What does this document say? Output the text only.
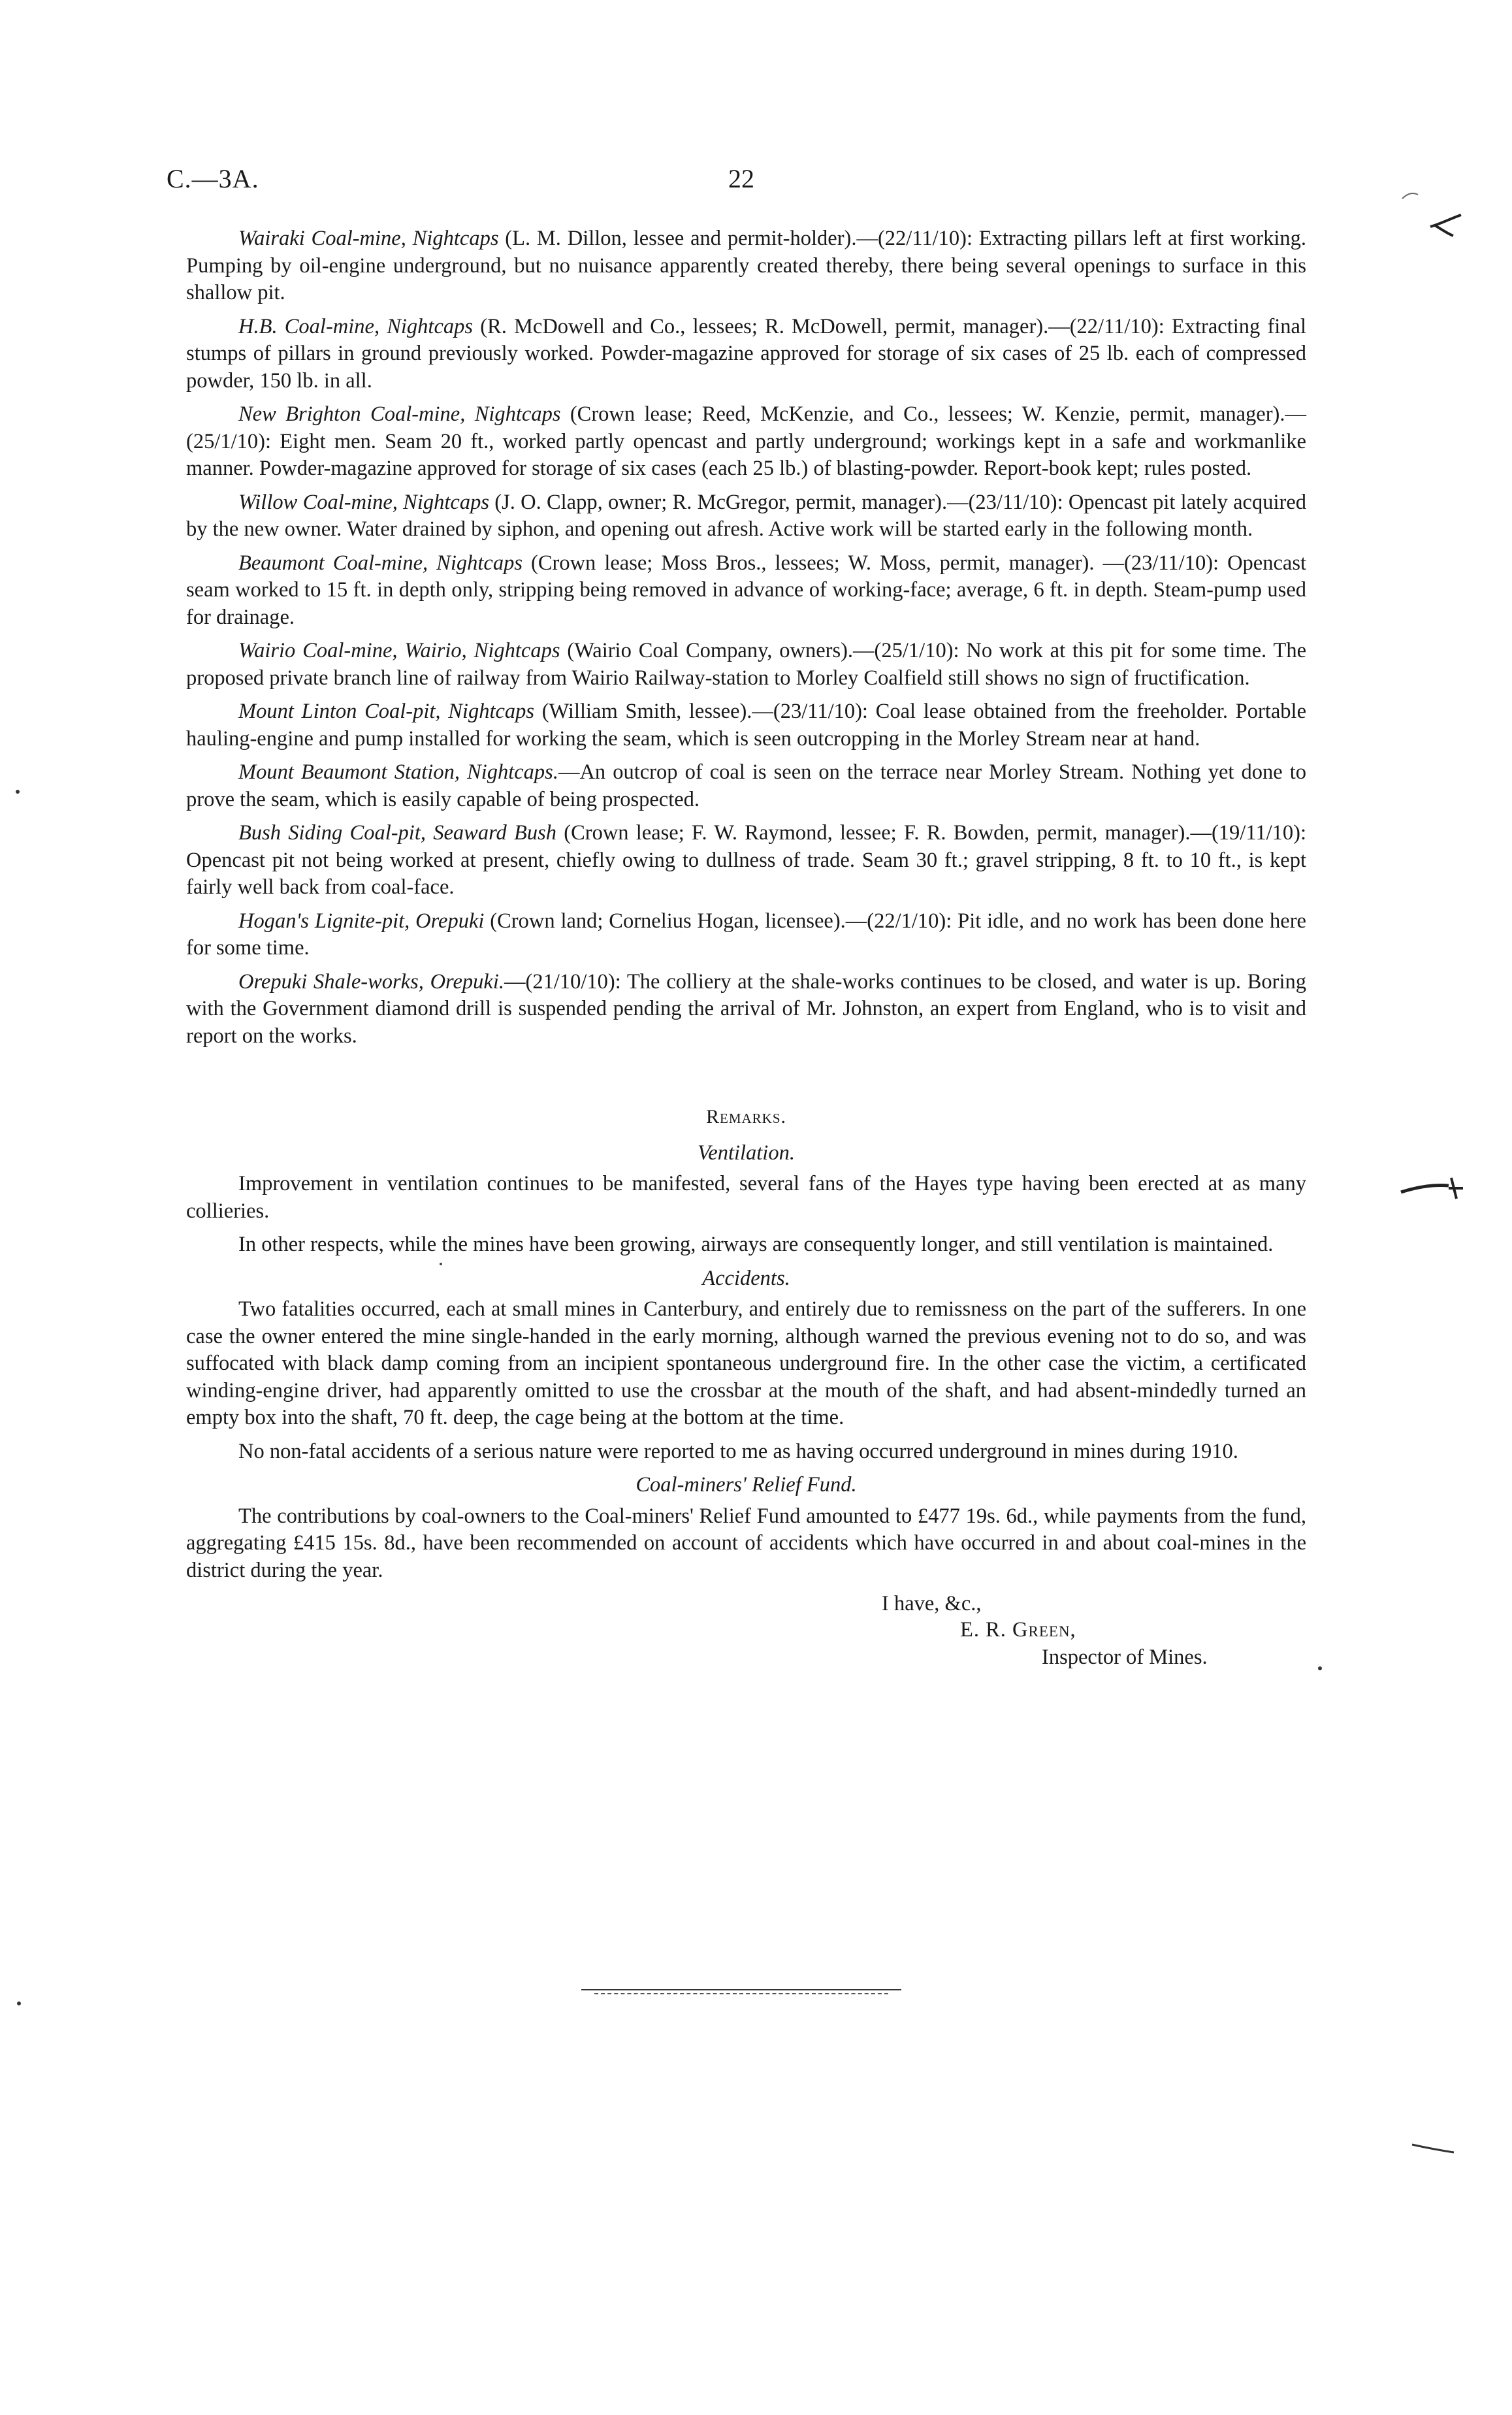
C.—3A.	22

Wairaki Coal-mine, Nightcaps (L. M. Dillon, lessee and permit-holder).—(22/11/10): Extracting pillars left at first working. Pumping by oil-engine underground, but no nuisance apparently created thereby, there being several openings to surface in this shallow pit.

H.B. Coal-mine, Nightcaps (R. McDowell and Co., lessees; R. McDowell, permit, manager).—(22/11/10): Extracting final stumps of pillars in ground previously worked. Powder-magazine approved for storage of six cases of 25 lb. each of compressed powder, 150 lb. in all.

New Brighton Coal-mine, Nightcaps (Crown lease; Reed, McKenzie, and Co., lessees; W. Kenzie, permit, manager).—(25/1/10): Eight men. Seam 20 ft., worked partly opencast and partly underground; workings kept in a safe and workmanlike manner. Powder-magazine approved for storage of six cases (each 25 lb.) of blasting-powder. Report-book kept; rules posted.

Willow Coal-mine, Nightcaps (J. O. Clapp, owner; R. McGregor, permit, manager).—(23/11/10): Opencast pit lately acquired by the new owner. Water drained by siphon, and opening out afresh. Active work will be started early in the following month.

Beaumont Coal-mine, Nightcaps (Crown lease; Moss Bros., lessees; W. Moss, permit, manager). —(23/11/10): Opencast seam worked to 15 ft. in depth only, stripping being removed in advance of working-face; average, 6 ft. in depth. Steam-pump used for drainage.

Wairio Coal-mine, Wairio, Nightcaps (Wairio Coal Company, owners).—(25/1/10): No work at this pit for some time. The proposed private branch line of railway from Wairio Railway-station to Morley Coalfield still shows no sign of fructification.

Mount Linton Coal-pit, Nightcaps (William Smith, lessee).—(23/11/10): Coal lease obtained from the freeholder. Portable hauling-engine and pump installed for working the seam, which is seen outcropping in the Morley Stream near at hand.

Mount Beaumont Station, Nightcaps.—An outcrop of coal is seen on the terrace near Morley Stream. Nothing yet done to prove the seam, which is easily capable of being prospected.

Bush Siding Coal-pit, Seaward Bush (Crown lease; F. W. Raymond, lessee; F. R. Bowden, permit, manager).—(19/11/10): Opencast pit not being worked at present, chiefly owing to dullness of trade. Seam 30 ft.; gravel stripping, 8 ft. to 10 ft., is kept fairly well back from coal-face.

Hogan's Lignite-pit, Orepuki (Crown land; Cornelius Hogan, licensee).—(22/1/10): Pit idle, and no work has been done here for some time.

Orepuki Shale-works, Orepuki.—(21/10/10): The colliery at the shale-works continues to be closed, and water is up. Boring with the Government diamond drill is suspended pending the arrival of Mr. Johnston, an expert from England, who is to visit and report on the works.

Remarks.
Ventilation.

Improvement in ventilation continues to be manifested, several fans of the Hayes type having been erected at as many collieries.

In other respects, while the mines have been growing, airways are consequently longer, and still ventilation is maintained.

Accidents.

Two fatalities occurred, each at small mines in Canterbury, and entirely due to remissness on the part of the sufferers. In one case the owner entered the mine single-handed in the early morning, although warned the previous evening not to do so, and was suffocated with black damp coming from an incipient spontaneous underground fire. In the other case the victim, a certificated winding-engine driver, had apparently omitted to use the crossbar at the mouth of the shaft, and had absent-mindedly turned an empty box into the shaft, 70 ft. deep, the cage being at the bottom at the time.

No non-fatal accidents of a serious nature were reported to me as having occurred underground in mines during 1910.

Coal-miners' Relief Fund.

The contributions by coal-owners to the Coal-miners' Relief Fund amounted to £477 19s. 6d., while payments from the fund, aggregating £415 15s. 8d., have been recommended on account of accidents which have occurred in and about coal-mines in the district during the year.

I have, &c.,
E. R. Green,
Inspector of Mines.
